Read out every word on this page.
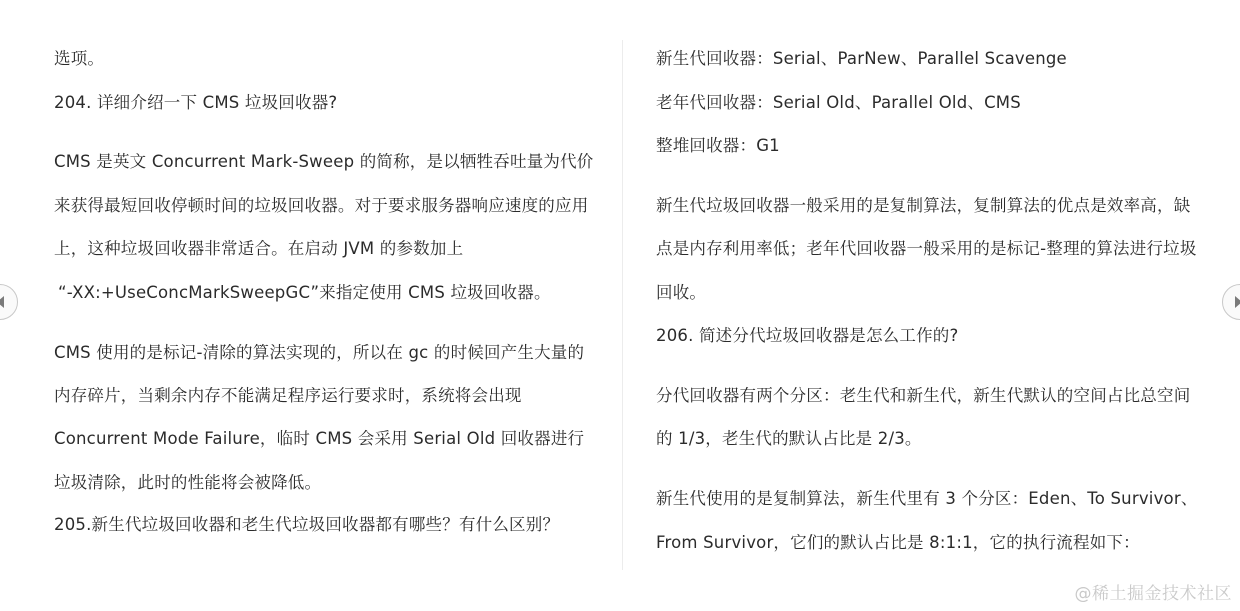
选项。
204. 详细介绍一下 CMS 垃圾回收器?
CMS 是英文 Concurrent Mark-Sweep 的简称，是以牺牲吞吐量为代价
来获得最短回收停顿时间的垃圾回收器。对于要求服务器响应速度的应用
上，这种垃圾回收器非常适合。在启动 JVM 的参数加上
“-XX:+UseConcMarkSweepGC”来指定使用 CMS 垃圾回收器。
CMS 使用的是标记-清除的算法实现的，所以在 gc 的时候回产生大量的
内存碎片，当剩余内存不能满足程序运行要求时，系统将会出现
Concurrent Mode Failure，临时 CMS 会采用 Serial Old 回收器进行
垃圾清除，此时的性能将会被降低。
205.新生代垃圾回收器和老生代垃圾回收器都有哪些？有什么区别？
新生代回收器：Serial、ParNew、Parallel Scavenge
老年代回收器：Serial Old、Parallel Old、CMS
整堆回收器：G1
新生代垃圾回收器一般采用的是复制算法，复制算法的优点是效率高，缺
点是内存利用率低；老年代回收器一般采用的是标记-整理的算法进行垃圾
回收。
206. 简述分代垃圾回收器是怎么工作的?
分代回收器有两个分区：老生代和新生代，新生代默认的空间占比总空间
的 1/3，老生代的默认占比是 2/3。
新生代使用的是复制算法，新生代里有 3 个分区：Eden、To Survivor、
From Survivor，它们的默认占比是 8:1:1，它的执行流程如下：
@稀土掘金技术社区
